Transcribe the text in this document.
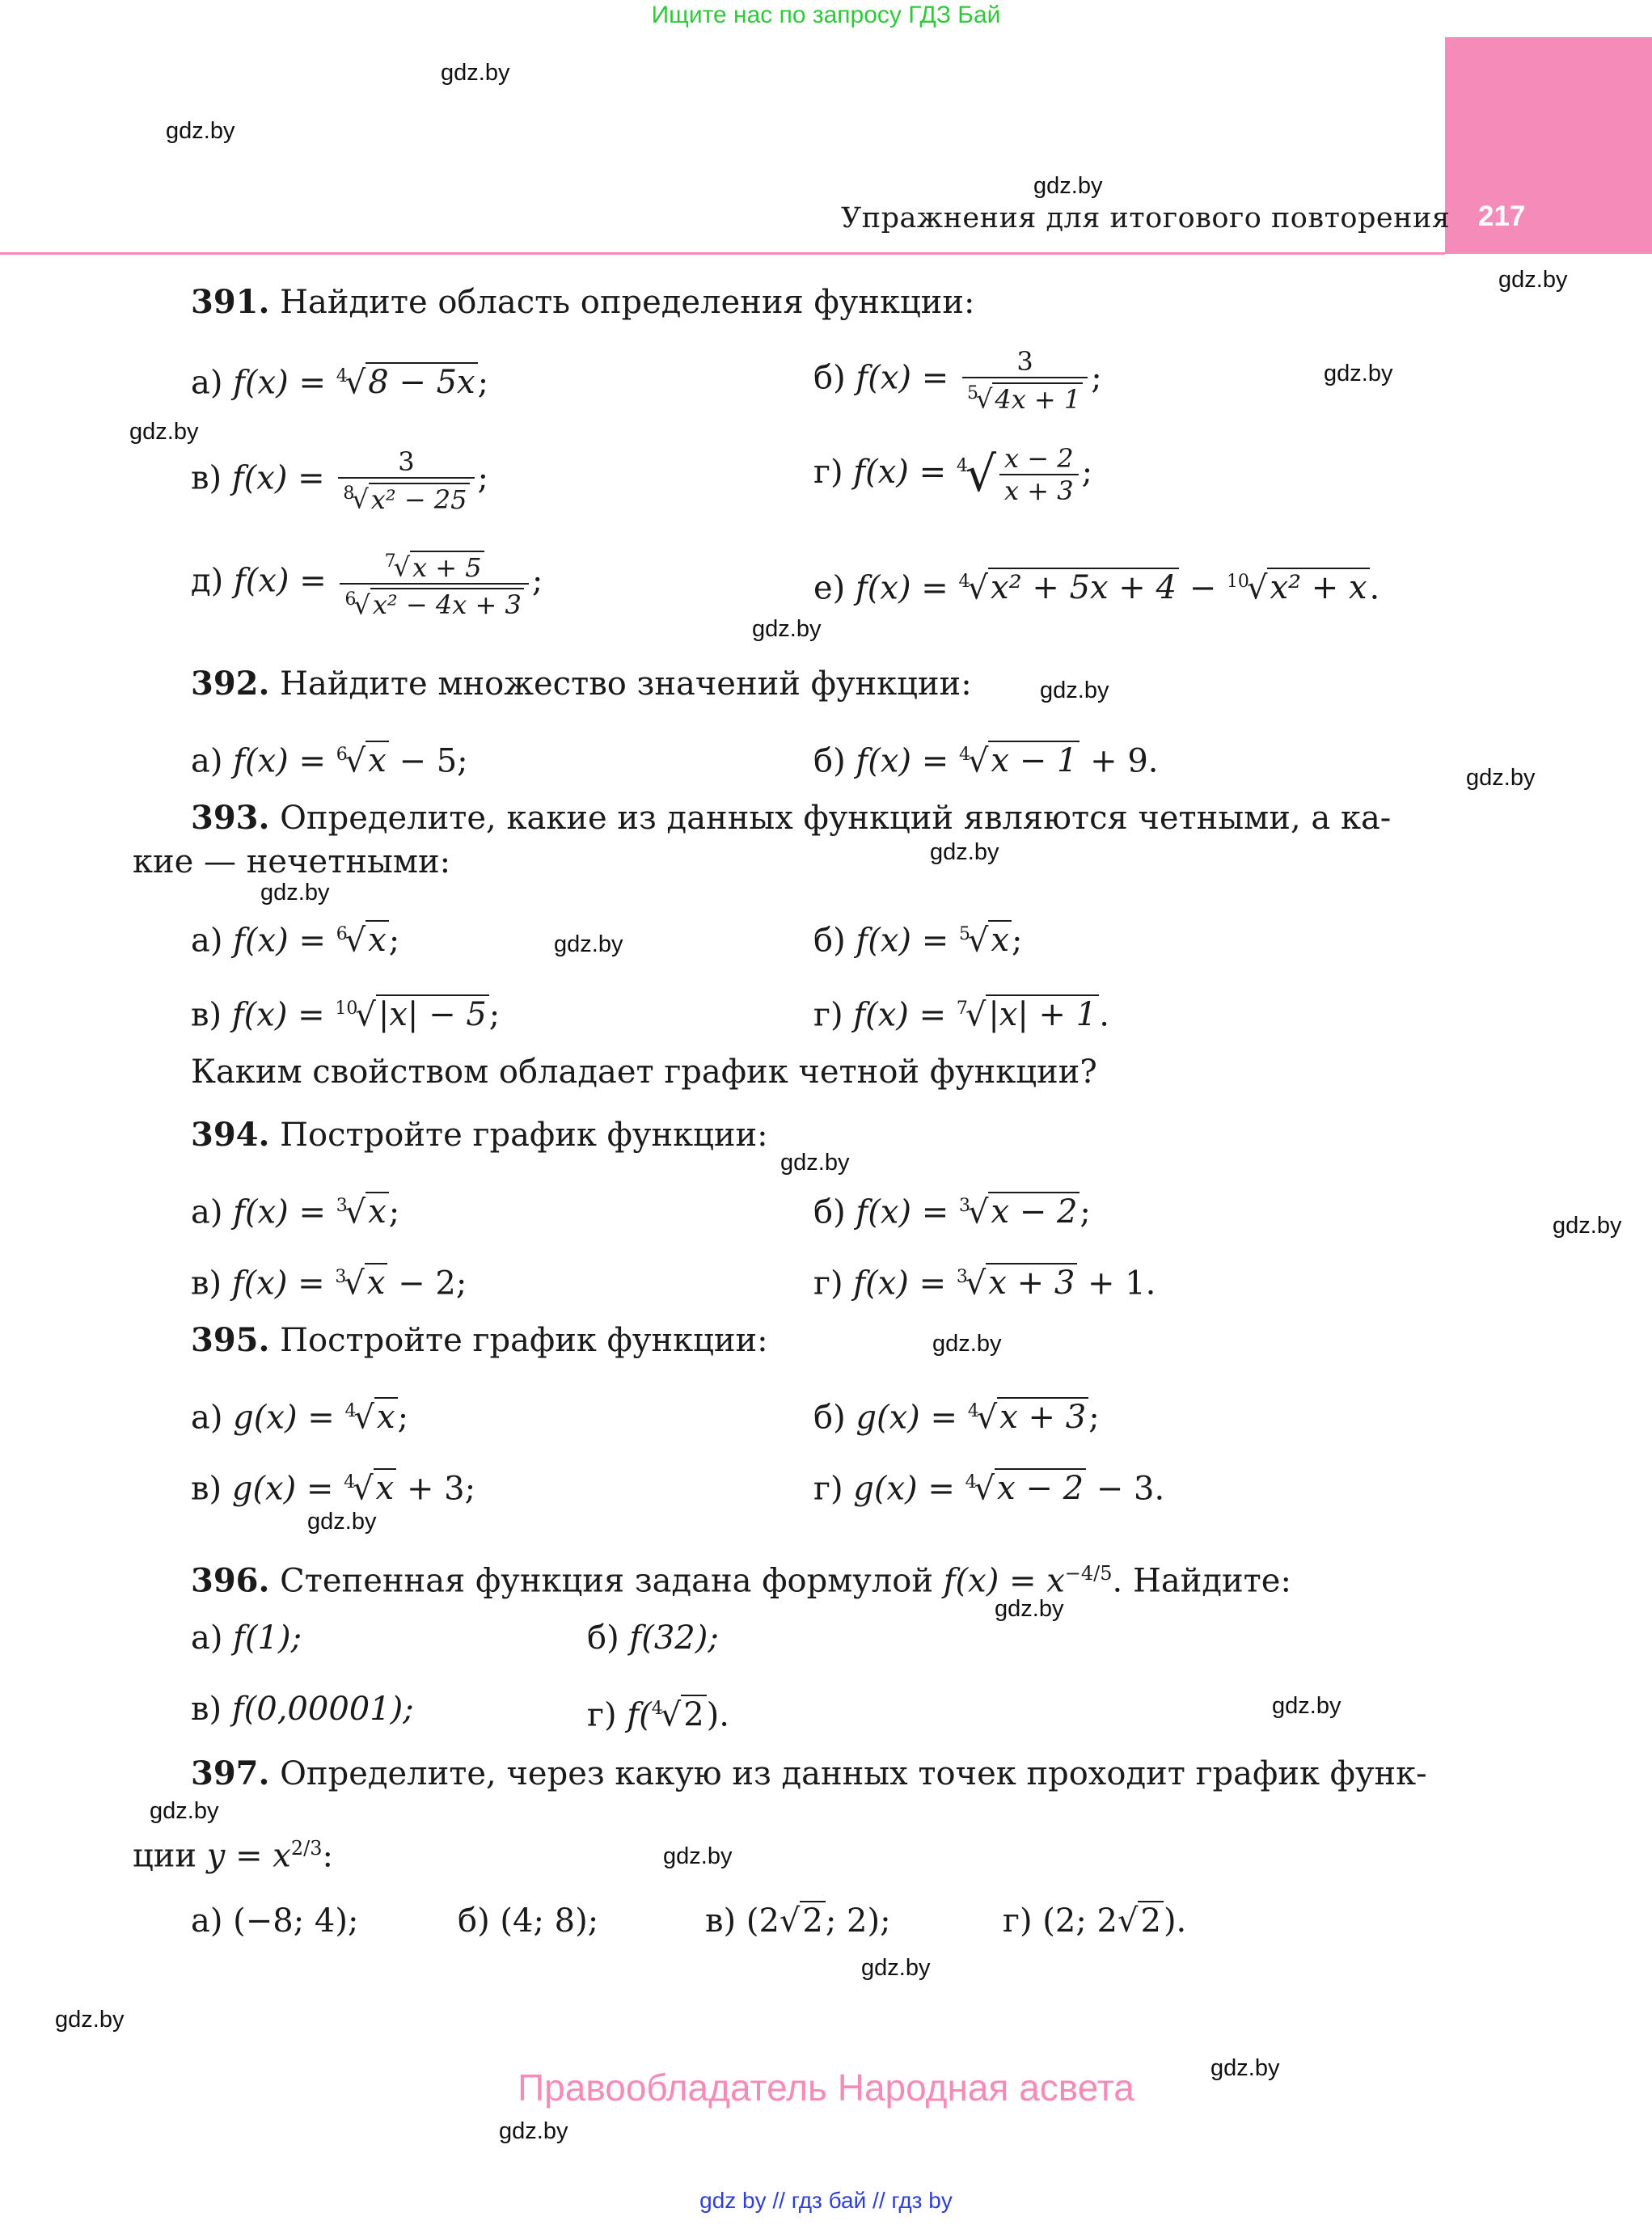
Ищите нас по запросу ГДЗ Бай
217
Упражнения для итогового повторения
gdz.by
gdz.by
gdz.by
gdz.by
gdz.by
gdz.by
gdz.by
gdz.by
gdz.by
gdz.by
gdz.by
gdz.by
gdz.by
gdz.by
gdz.by
gdz.by
gdz.by
gdz.by
gdz.by
gdz.by
gdz.by
gdz.by
gdz.by
gdz.by
391. Найдите область определения функции:
а) f(x) = $^4$√8 − 5x;	б) $f(x) = \frac{3}{^5√4x + 1}$ ;
в) $f(x) = \frac{3}{^8√x^2 - 25}$ ;	г) $f(x) = ^4√ \frac{x - 2}{x + 3}$ ;
д) $f(x) = \frac{^7√x + 5}{^6√x^2 - 4x + 3}$ ;	е) f(x) = $^4$√x² + 5x + 4 − $^{10}$√x² + x.
392. Найдите множество значений функции:
а) f(x) = $^6$√x − 5;	б) f(x) = $^4$√x − 1 + 9.
393. Определите, какие из данных функций являются четными, а ка-
кие — нечетными:
а) f(x) = $^6$√x;	б) f(x) = $^5$√x;
в) f(x) = $^{10}$√|x| − 5;	г) f(x) = $^7$√|x| + 1.
Каким свойством обладает график четной функции?
394. Постройте график функции:
а) f(x) = $^3$√x;	б) f(x) = $^3$√x − 2;
в) f(x) = $^3$√x − 2;	г) f(x) = $^3$√x + 3 + 1.
395. Постройте график функции:
а) g(x) = $^4$√x;	б) g(x) = $^4$√x + 3;
в) g(x) = $^4$√x + 3;	г) g(x) = $^4$√x − 2 − 3.
396. Степенная функция задана формулой $f(x) = x^{-4/5}$. Найдите:
а) f(1);	б) f(32);
в) f(0,00001);	г) f($^4$√2).
397. Определите, через какую из данных точек проходит график функ-
ции $y = x^{2/3}$:
а) (−8; 4);	б) (4; 8);	в) (2√2; 2);	г) (2; 2√2).
Правообладатель Народная асвета
gdz by // гдз бай // гдз by
